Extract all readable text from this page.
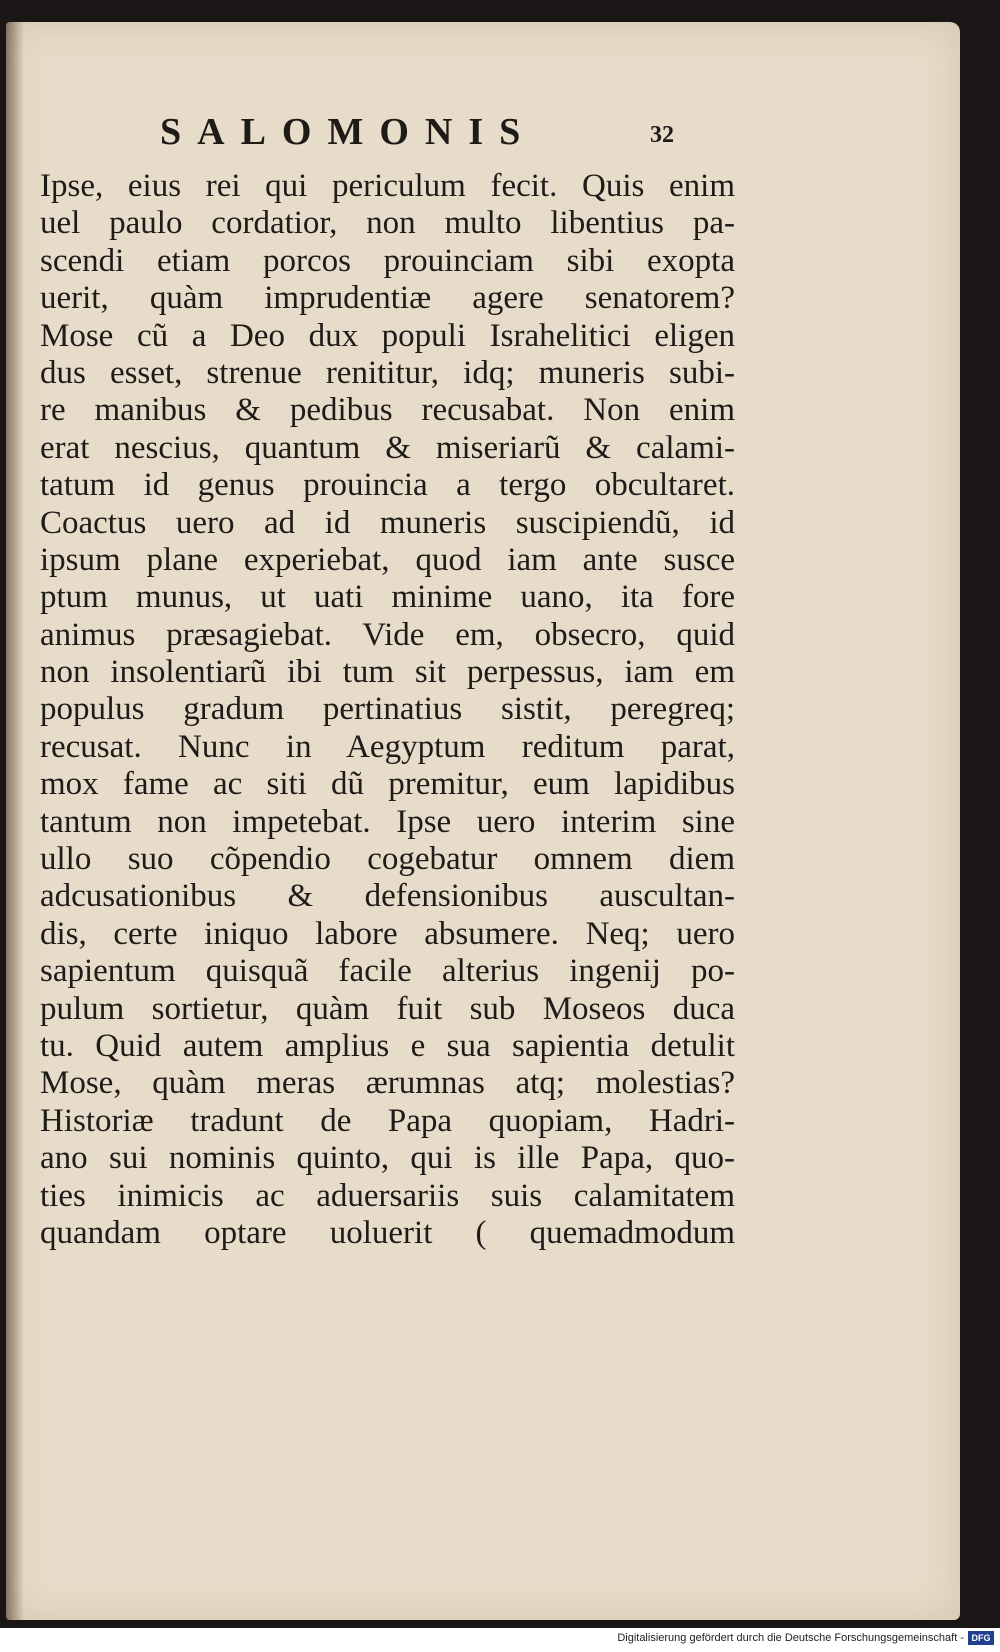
SALOMONIS	32
Ipse, eius rei qui periculum fecit. Quis enim
uel paulo cordatior, non multo libentius pa-
scendi etiam porcos prouinciam sibi exopta
uerit, quàm imprudentiæ agere senatorem?
Mose cũ a Deo dux populi Israhelitici eligen
dus esset, strenue renititur, idq; muneris subi-
re manibus & pedibus recusabat. Non enim
erat nescius, quantum & miseriarũ & calami-
tatum id genus prouincia a tergo obcultaret.
Coactus uero ad id muneris suscipiendũ, id
ipsum plane experiebat, quod iam ante susce
ptum munus, ut uati minime uano, ita fore
animus præsagiebat. Vide em, obsecro, quid
non insolentiarũ ibi tum sit perpessus, iam em
populus gradum pertinatius sistit, peregreq;
recusat. Nunc in Aegyptum reditum parat,
mox fame ac siti dũ premitur, eum lapidibus
tantum non impetebat. Ipse uero interim sine
ullo suo cõpendio cogebatur omnem diem
adcusationibus & defensionibus auscultan-
dis, certe iniquo labore absumere. Neq; uero
sapientum quisquã facile alterius ingenij po-
pulum sortietur, quàm fuit sub Moseos duca
tu. Quid autem amplius e sua sapientia detulit
Mose, quàm meras ærumnas atq; molestias?
Historiæ tradunt de Papa quopiam, Hadri-
ano sui nominis quinto, qui is ille Papa, quo-
ties inimicis ac aduersariis suis calamitatem
quandam optare uoluerit ( quemadmodum
Digitalisierung gefördert durch die Deutsche Forschungsgemeinschaft - DFG
